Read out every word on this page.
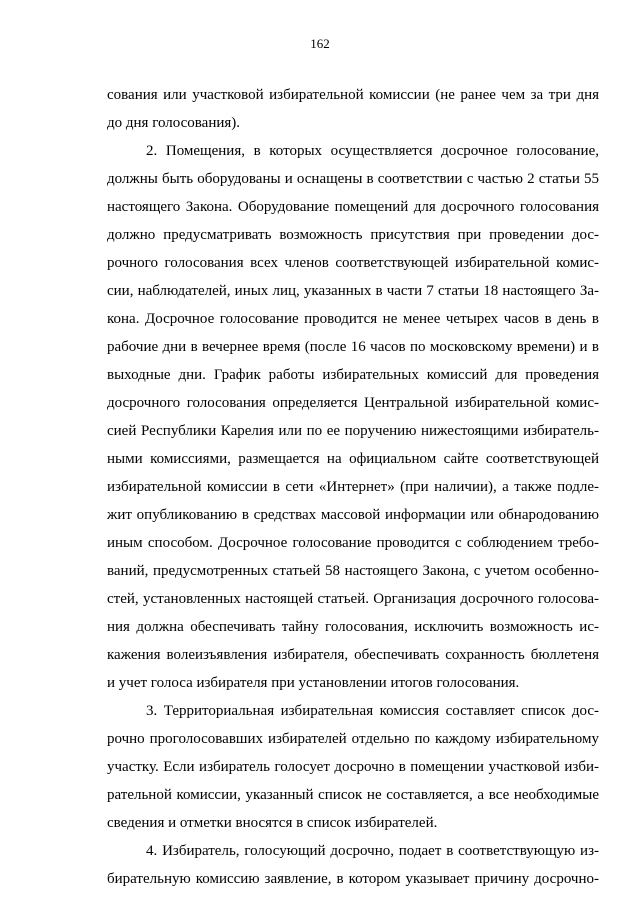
162
сования или участковой избирательной комиссии (не ранее чем за три дня
до дня голосования).
2. Помещения, в которых осуществляется досрочное голосование,
должны быть оборудованы и оснащены в соответствии с частью 2 статьи 55
настоящего Закона. Оборудование помещений для досрочного голосования
должно предусматривать возможность присутствия при проведении дос-
рочного голосования всех членов соответствующей избирательной комис-
сии, наблюдателей, иных лиц, указанных в части 7 статьи 18 настоящего За-
кона. Досрочное голосование проводится не менее четырех часов в день в
рабочие дни в вечернее время (после 16 часов по московскому времени) и в
выходные дни. График работы избирательных комиссий для проведения
досрочного голосования определяется Центральной избирательной комис-
сией Республики Карелия или по ее поручению нижестоящими избиратель-
ными комиссиями, размещается на официальном сайте соответствующей
избирательной комиссии в сети «Интернет» (при наличии), а также подле-
жит опубликованию в средствах массовой информации или обнародованию
иным способом. Досрочное голосование проводится с соблюдением требо-
ваний, предусмотренных статьей 58 настоящего Закона, с учетом особенно-
стей, установленных настоящей статьей. Организация досрочного голосова-
ния должна обеспечивать тайну голосования, исключить возможность ис-
кажения волеизъявления избирателя, обеспечивать сохранность бюллетеня
и учет голоса избирателя при установлении итогов голосования.
3. Территориальная избирательная комиссия составляет список дос-
рочно проголосовавших избирателей отдельно по каждому избирательному
участку. Если избиратель голосует досрочно в помещении участковой изби-
рательной комиссии, указанный список не составляется, а все необходимые
сведения и отметки вносятся в список избирателей.
4. Избиратель, голосующий досрочно, подает в соответствующую из-
бирательную комиссию заявление, в котором указывает причину досрочно-
